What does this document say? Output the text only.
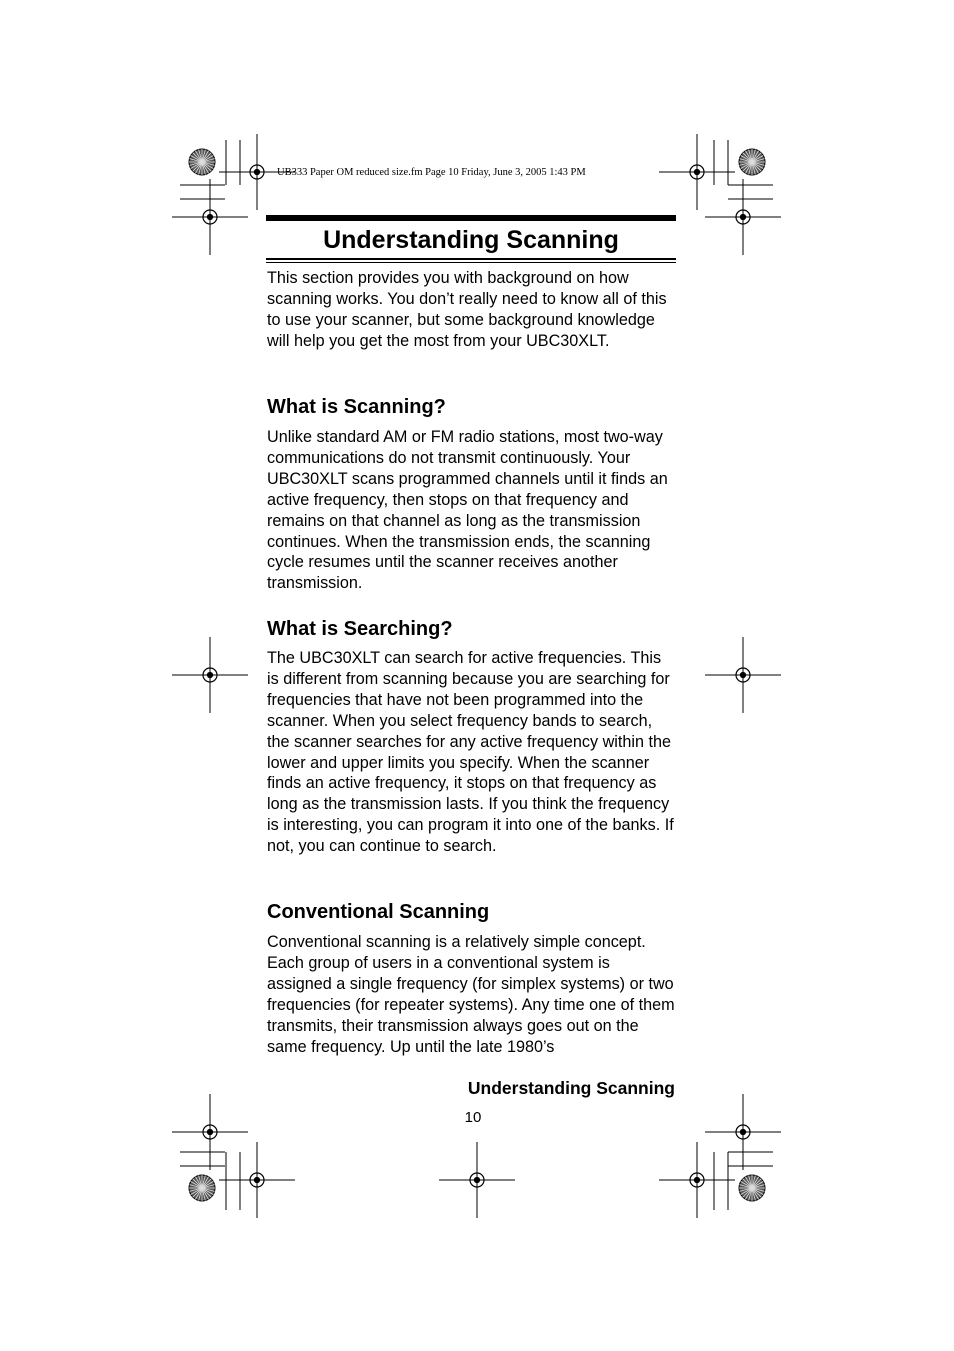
UB333 Paper OM reduced size.fm Page 10 Friday, June 3, 2005 1:43 PM
Understanding Scanning

This section provides you with background on how scanning works. You don’t really need to know all of this to use your scanner, but some background knowledge will help you get the most from your UBC30XLT.

What is Scanning?

Unlike standard AM or FM radio stations, most two-way communications do not transmit continuously. Your UBC30XLT scans programmed channels until it finds an active frequency, then stops on that frequency and remains on that channel as long as the transmission continues. When the transmission ends, the scanning cycle resumes until the scanner receives another transmission.

What is Searching?

The UBC30XLT can search for active frequencies. This is different from scanning because you are searching for frequencies that have not been programmed into the scanner. When you select frequency bands to search, the scanner searches for any active frequency within the lower and upper limits you specify. When the scanner finds an active frequency, it stops on that frequency as long as the transmission lasts. If you think the frequency is interesting, you can program it into one of the banks. If not, you can continue to search.

Conventional Scanning

Conventional scanning is a relatively simple concept. Each group of users in a conventional system is assigned a single frequency (for simplex systems) or two frequencies (for repeater systems). Any time one of them transmits, their transmission always goes out on the same frequency. Up until the late 1980’s

Understanding Scanning
10
